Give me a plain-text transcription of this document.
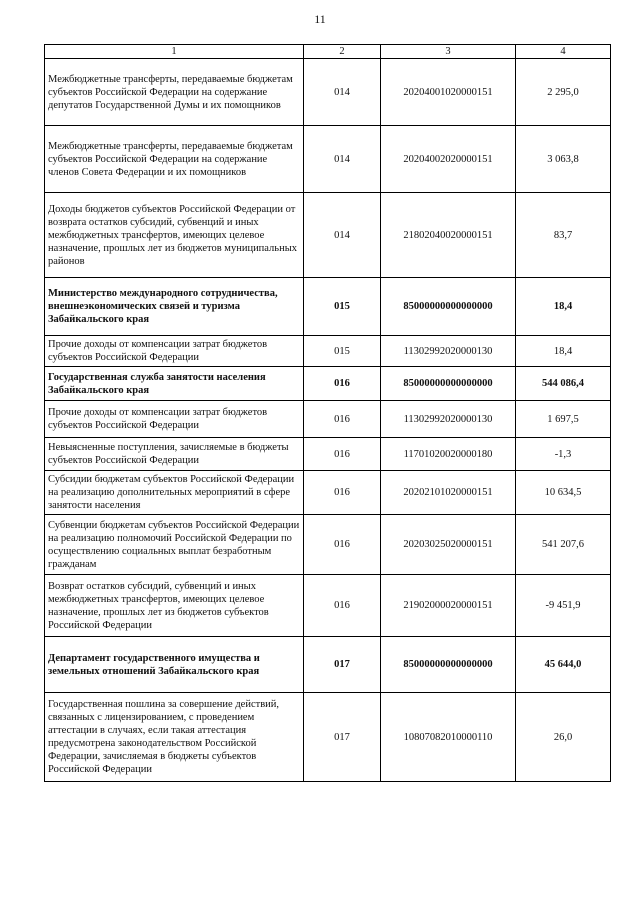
11
1	2	3	4
Межбюджетные трансферты, передаваемые бюджетам субъектов Российской Федерации на содержание депутатов Государственной Думы и их помощников	014	20204001020000151	2 295,0
Межбюджетные трансферты, передаваемые бюджетам субъектов Российской Федерации на содержание членов Совета Федерации и их помощников	014	20204002020000151	3 063,8
Доходы бюджетов субъектов Российской Федерации от возврата остатков субсидий, субвенций и иных межбюджетных трансфертов, имеющих целевое назначение, прошлых лет из бюджетов муниципальных районов	014	21802040020000151	83,7
Министерство международного сотрудничества, внешнеэкономических связей и туризма Забайкальского края	015	85000000000000000	18,4
Прочие доходы от компенсации затрат бюджетов субъектов Российской Федерации	015	11302992020000130	18,4
Государственная служба занятости населения Забайкальского края	016	85000000000000000	544 086,4
Прочие доходы от компенсации затрат бюджетов субъектов Российской Федерации	016	11302992020000130	1 697,5
Невыясненные поступления, зачисляемые в бюджеты субъектов Российской Федерации	016	11701020020000180	-1,3
Субсидии бюджетам субъектов Российской Федерации на реализацию дополнительных мероприятий в сфере занятости населения	016	20202101020000151	10 634,5
Субвенции бюджетам субъектов Российской Федерации на реализацию полномочий Российской Федерации по осуществлению социальных выплат безработным гражданам	016	20203025020000151	541 207,6
Возврат остатков субсидий, субвенций и иных межбюджетных трансфертов, имеющих целевое назначение, прошлых лет из бюджетов субъектов Российской Федерации	016	21902000020000151	-9 451,9
Департамент государственного имущества и земельных отношений Забайкальского края	017	85000000000000000	45 644,0
Государственная пошлина за совершение действий, связанных с лицензированием, с проведением аттестации в случаях, если такая аттестация предусмотрена законодательством Российской Федерации, зачисляемая в бюджеты субъектов Российской Федерации	017	10807082010000110	26,0
